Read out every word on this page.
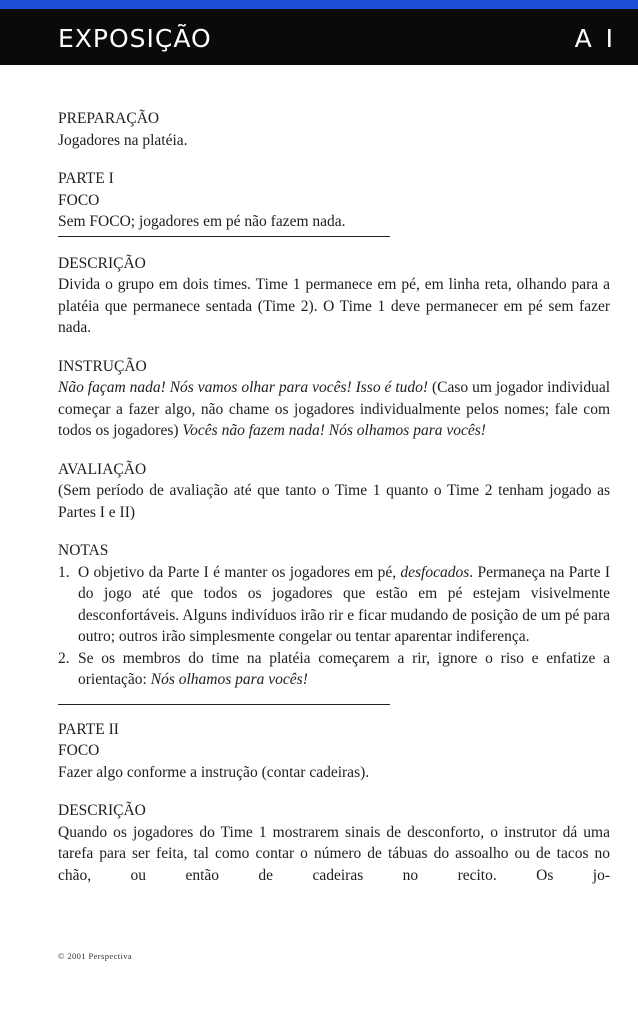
EXPOSIÇÃO	A I

PREPARAÇÃO

Jogadores na platéia.

PARTE I

FOCO

Sem FOCO; jogadores em pé não fazem nada.

DESCRIÇÃO

Divida o grupo em dois times. Time 1 permanece em pé, em linha reta, olhando para a platéia que permanece sentada (Time 2). O Time 1 deve permanecer em pé sem fazer nada.

INSTRUÇÃO

Não façam nada! Nós vamos olhar para vocês! Isso é tudo! (Caso um jogador individual começar a fazer algo, não chame os jogadores individualmente pelos nomes; fale com todos os jogadores) Vocês não fazem nada! Nós olhamos para vocês!

AVALIAÇÃO

(Sem período de avaliação até que tanto o Time 1 quanto o Time 2 tenham jogado as Partes I e II)

NOTAS

1. O objetivo da Parte I é manter os jogadores em pé, desfocados. Permaneça na Parte I do jogo até que todos os jogadores que estão em pé estejam visivelmente desconfortáveis. Alguns indivíduos irão rir e ficar mudando de posição de um pé para outro; outros irão simplesmente congelar ou tentar aparentar indiferença.
2. Se os membros do time na platéia começarem a rir, ignore o riso e enfatize a orientação: Nós olhamos para vocês!

PARTE II

FOCO

Fazer algo conforme a instrução (contar cadeiras).

DESCRIÇÃO

Quando os jogadores do Time 1 mostrarem sinais de desconforto, o instrutor dá uma tarefa para ser feita, tal como contar o número de tábuas do assoalho ou de tacos no chão, ou então de cadeiras no recito. Os jo-

© 2001 Perspectiva
